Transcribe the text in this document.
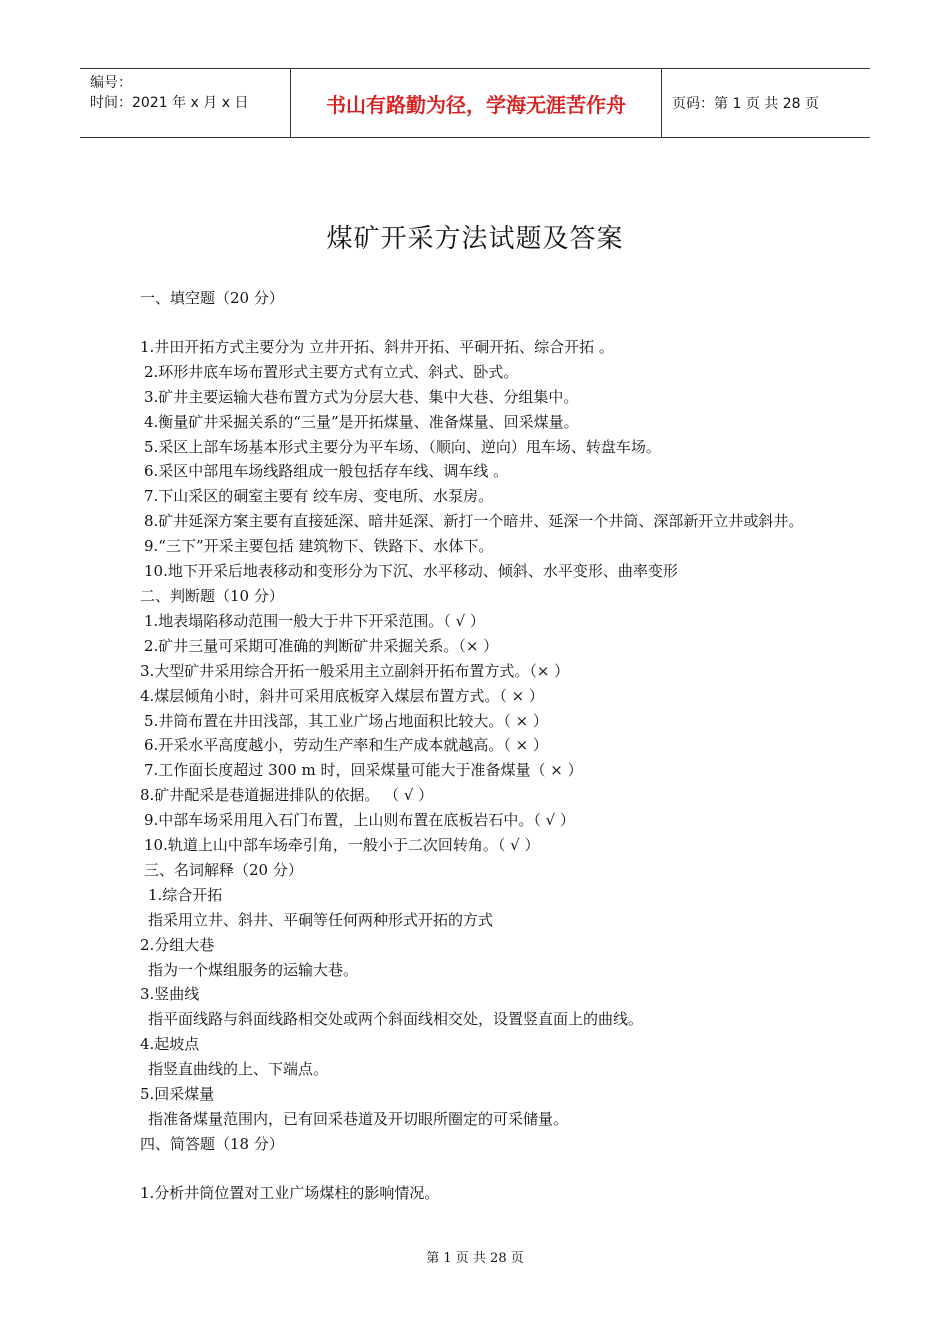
编号：
时间：2021 年 x 月 x 日	书山有路勤为径，学海无涯苦作舟	页码：第 1 页 共 28 页
煤矿开采方法试题及答案
一、填空题（20 分）
1.井田开拓方式主要分为 立井开拓、斜井开拓、平硐开拓、综合开拓 。
2.环形井底车场布置形式主要方式有立式、斜式、卧式。
3.矿井主要运输大巷布置方式为分层大巷、集中大巷、分组集中。
4.衡量矿井采掘关系的“三量”是开拓煤量、准备煤量、回采煤量。
5.采区上部车场基本形式主要分为平车场、（顺向、逆向）甩车场、转盘车场。
6.采区中部甩车场线路组成一般包括存车线、调车线 。
7.下山采区的硐室主要有 绞车房、变电所、水泵房。
8.矿井延深方案主要有直接延深、暗井延深、新打一个暗井、延深一个井筒、深部新开立井或斜井。
9.“三下”开采主要包括 建筑物下、铁路下、水体下。
10.地下开采后地表移动和变形分为下沉、水平移动、倾斜、水平变形、曲率变形
二、判断题（10 分）
1.地表塌陷移动范围一般大于井下开采范围。（ √ ）
2.矿井三量可采期可准确的判断矿井采掘关系。（× ）
3.大型矿井采用综合开拓一般采用主立副斜开拓布置方式。（× ）
4.煤层倾角小时，斜井可采用底板穿入煤层布置方式。（ × ）
5.井筒布置在井田浅部，其工业广场占地面积比较大。（ × ）
6.开采水平高度越小，劳动生产率和生产成本就越高。（ × ）
7.工作面长度超过 300 m 时，回采煤量可能大于准备煤量（ × ）
8.矿井配采是巷道掘进排队的依据。 （ √ ）
9.中部车场采用甩入石门布置，上山则布置在底板岩石中。（ √ ）
10.轨道上山中部车场牵引角，一般小于二次回转角。（ √ ）
三、名词解释（20 分）
1.综合开拓
指采用立井、斜井、平硐等任何两种形式开拓的方式
2.分组大巷
指为一个煤组服务的运输大巷。
3.竖曲线
指平面线路与斜面线路相交处或两个斜面线相交处，设置竖直面上的曲线。
4.起坡点
指竖直曲线的上、下端点。
5.回采煤量
指准备煤量范围内，已有回采巷道及开切眼所圈定的可采储量。
四、简答题（18 分）
1.分析井筒位置对工业广场煤柱的影响情况。
第 1 页 共 28 页
